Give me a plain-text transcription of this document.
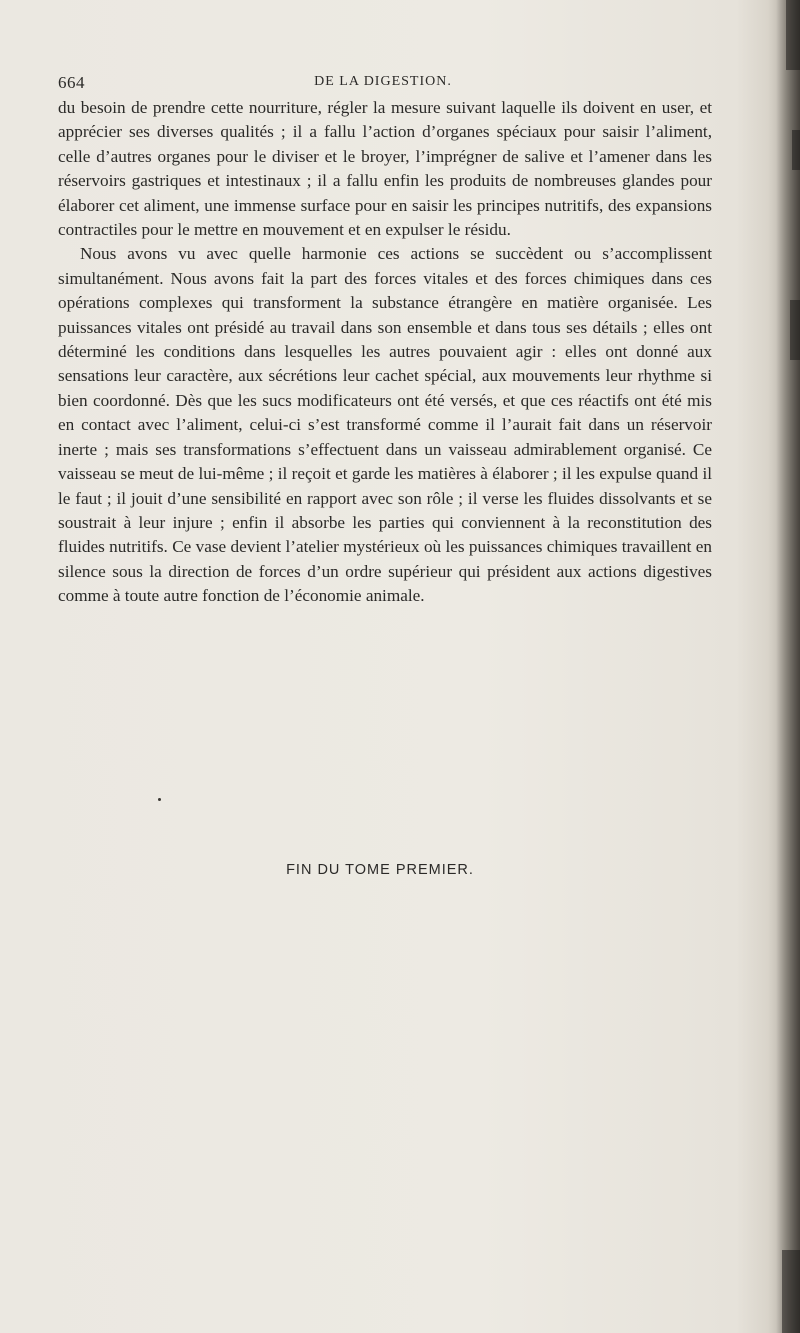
664	DE LA DIGESTION.

du besoin de prendre cette nourriture, régler la mesure suivant laquelle ils doivent en user, et apprécier ses diverses qualités ; il a fallu l’action d’organes spéciaux pour saisir l’aliment, celle d’autres organes pour le diviser et le broyer, l’imprégner de salive et l’amener dans les réservoirs gastriques et intestinaux ; il a fallu enfin les produits de nombreuses glandes pour élaborer cet aliment, une immense surface pour en saisir les principes nutritifs, des expansions contractiles pour le mettre en mouvement et en expulser le résidu.

Nous avons vu avec quelle harmonie ces actions se succèdent ou s’accomplissent simultanément. Nous avons fait la part des forces vitales et des forces chimiques dans ces opérations complexes qui transforment la substance étrangère en matière organisée. Les puissances vitales ont présidé au travail dans son ensemble et dans tous ses détails ; elles ont déterminé les conditions dans lesquelles les autres pouvaient agir : elles ont donné aux sensations leur caractère, aux sécrétions leur cachet spécial, aux mouvements leur rhythme si bien coordonné. Dès que les sucs modificateurs ont été versés, et que ces réactifs ont été mis en contact avec l’aliment, celui-ci s’est transformé comme il l’aurait fait dans un réservoir inerte ; mais ses transformations s’effectuent dans un vaisseau admirablement organisé. Ce vaisseau se meut de lui-même ; il reçoit et garde les matières à élaborer ; il les expulse quand il le faut ; il jouit d’une sensibilité en rapport avec son rôle ; il verse les fluides dissolvants et se soustrait à leur injure ; enfin il absorbe les parties qui conviennent à la reconstitution des fluides nutritifs. Ce vase devient l’atelier mystérieux où les puissances chimiques travaillent en silence sous la direction de forces d’un ordre supérieur qui président aux actions digestives comme à toute autre fonction de l’économie animale.

FIN DU TOME PREMIER.
